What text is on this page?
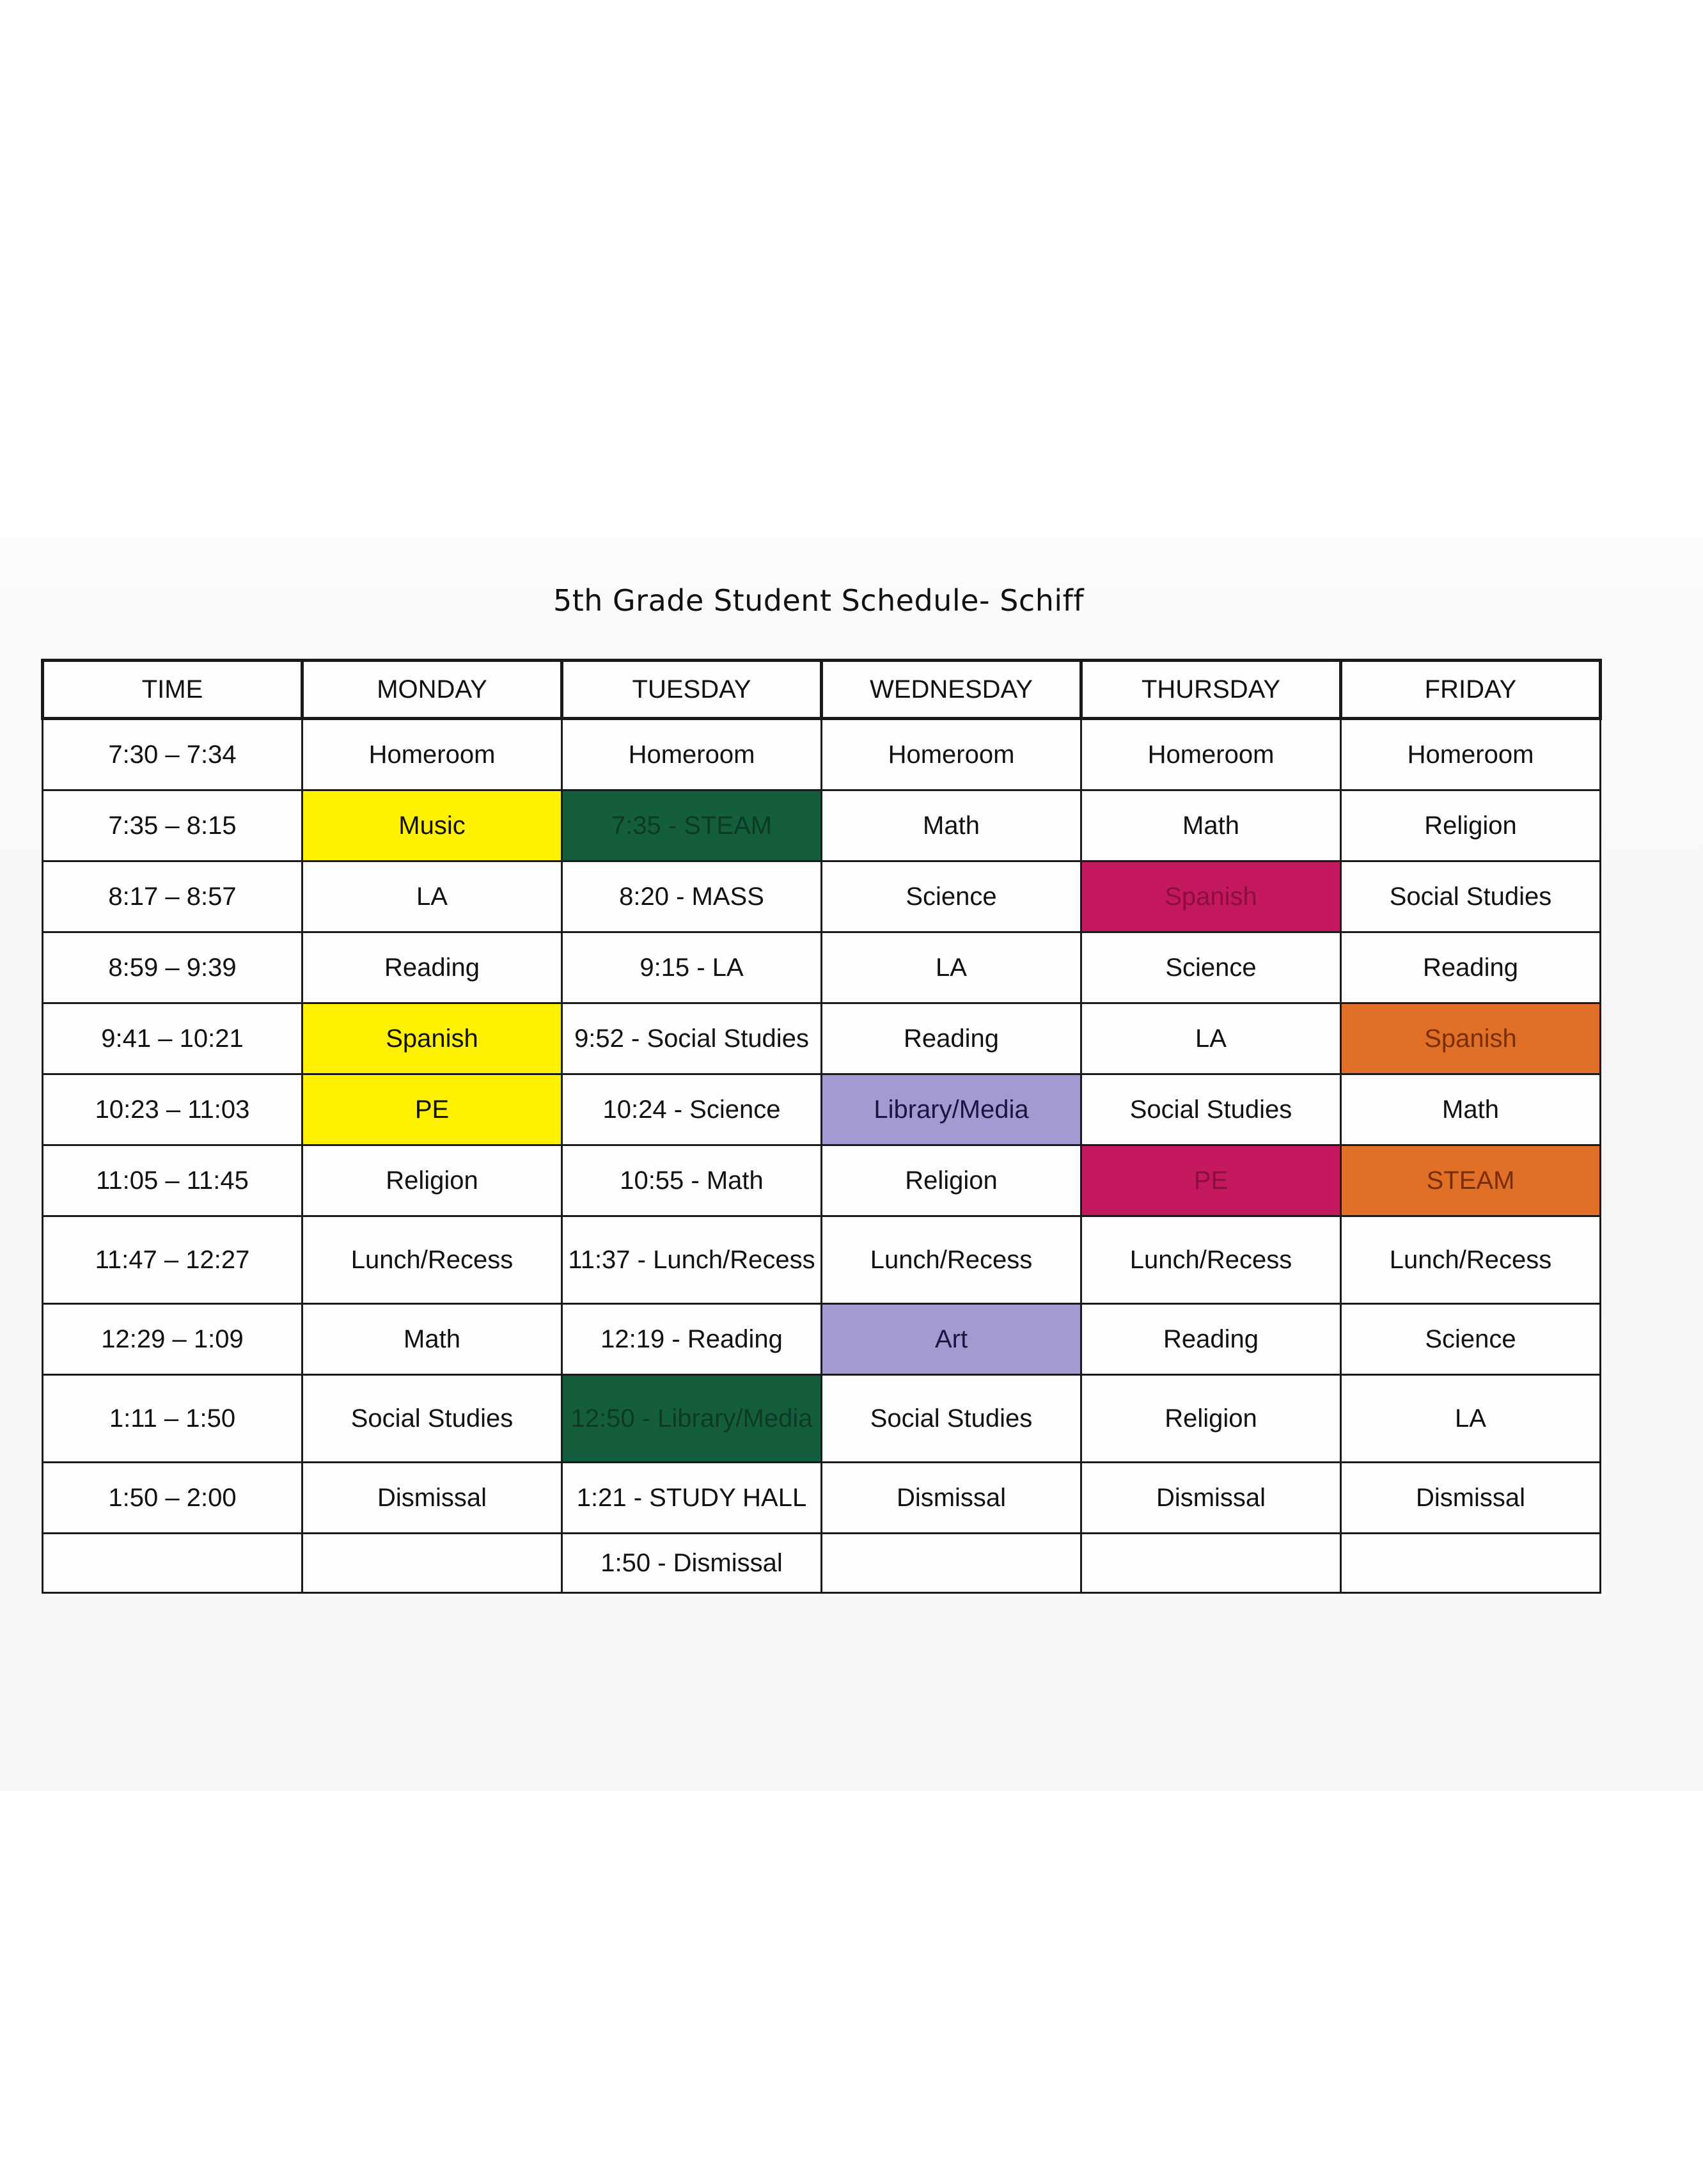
5th Grade Student Schedule- Schiff
TIME	MONDAY	TUESDAY	WEDNESDAY	THURSDAY	FRIDAY
7:30 – 7:34	Homeroom	Homeroom	Homeroom	Homeroom	Homeroom
7:35 – 8:15	Music	7:35 - STEAM	Math	Math	Religion
8:17 – 8:57	LA	8:20 - MASS	Science	Spanish	Social Studies
8:59 – 9:39	Reading	9:15 - LA	LA	Science	Reading
9:41 – 10:21	Spanish	9:52 - Social Studies	Reading	LA	Spanish
10:23 – 11:03	PE	10:24 - Science	Library/Media	Social Studies	Math
11:05 – 11:45	Religion	10:55 - Math	Religion	PE	STEAM
11:47 – 12:27	Lunch/Recess	11:37 - Lunch/Recess	Lunch/Recess	Lunch/Recess	Lunch/Recess
12:29 – 1:09	Math	12:19 - Reading	Art	Reading	Science
1:11 – 1:50	Social Studies	12:50 - Library/Media	Social Studies	Religion	LA
1:50 – 2:00	Dismissal	1:21 - STUDY HALL	Dismissal	Dismissal	Dismissal
		1:50 - Dismissal			
